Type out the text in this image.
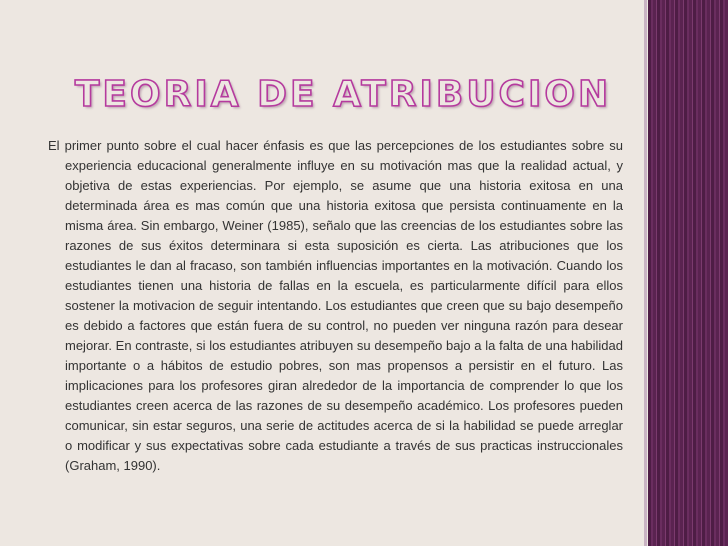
TEORIA DE ATRIBUCION

El primer punto sobre el cual hacer énfasis es que las percepciones de los estudiantes sobre su experiencia educacional generalmente influye en su motivación mas que la realidad actual, y objetiva de estas experiencias. Por ejemplo, se asume que una historia exitosa en una determinada área es mas común que una historia exitosa que persista continuamente en la misma área. Sin embargo, Weiner (1985), señalo que las creencias de los estudiantes sobre las razones de sus éxitos determinara si esta suposición es cierta. Las atribuciones que los estudiantes le dan al fracaso, son también influencias importantes en la motivación. Cuando los estudiantes tienen una historia de fallas en la escuela, es particularmente difícil para ellos sostener la motivacion de seguir intentando. Los estudiantes que creen que su bajo desempeño es debido a factores que están fuera de su control, no pueden ver ninguna razón para desear mejorar. En contraste, si los estudiantes atribuyen su desempeño bajo a la falta de una habilidad importante o a hábitos de estudio pobres, son mas propensos a persistir en el futuro. Las implicaciones para los profesores giran alrededor de la importancia de comprender lo que los estudiantes creen acerca de las razones de su desempeño académico. Los profesores pueden comunicar, sin estar seguros, una serie de actitudes acerca de si la habilidad se puede arreglar o modificar y sus expectativas sobre cada estudiante a través de sus practicas instruccionales (Graham, 1990).
